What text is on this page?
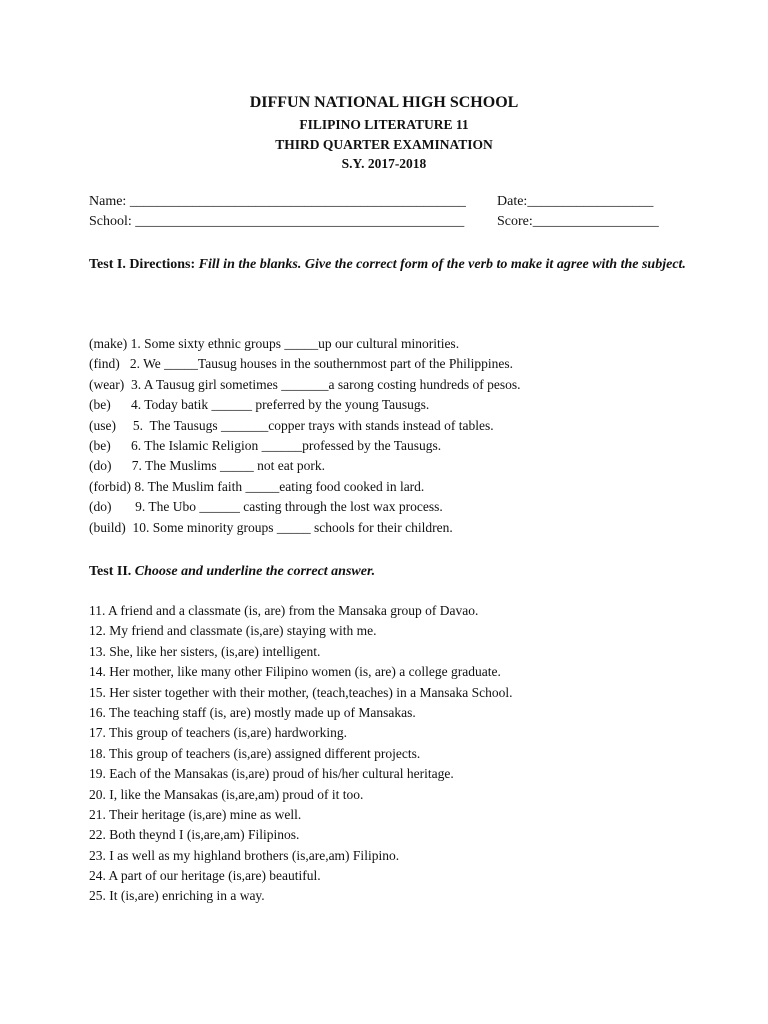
DIFFUN NATIONAL HIGH SCHOOL
FILIPINO LITERATURE 11
THIRD QUARTER EXAMINATION
S.Y. 2017-2018
Name: ________________________________________________ Date:__________________
School: _______________________________________________ Score:__________________
Test I. Directions: Fill in the blanks. Give the correct form of the verb to make it agree with the subject.
(make) 1. Some sixty ethnic groups _____up our cultural minorities.
(find)   2. We _____Tausug houses in the southernmost part of the Philippines.
(wear)  3. A Tausug girl sometimes _______a sarong costing hundreds of pesos.
(be)      4. Today batik ______ preferred by the young Tausugs.
(use)     5.  The Tausugs _______copper trays with stands instead of tables.
(be)      6. The Islamic Religion ______professed by the Tausugs.
(do)      7. The Muslims _____ not eat pork.
(forbid) 8. The Muslim faith _____eating food cooked in lard.
(do)       9. The Ubo ______ casting through the lost wax process.
(build)  10. Some minority groups _____ schools for their children.
Test II. Choose and underline the correct answer.
11. A friend and a classmate (is, are) from the Mansaka group of Davao.
12. My friend and classmate (is,are) staying with me.
13. She, like her sisters, (is,are) intelligent.
14. Her mother, like many other Filipino women (is, are) a college graduate.
15. Her sister together with their mother, (teach,teaches) in a Mansaka School.
16. The teaching staff (is, are) mostly made up of Mansakas.
17. This group of teachers (is,are) hardworking.
18. This group of teachers (is,are) assigned different projects.
19. Each of the Mansakas (is,are) proud of his/her cultural heritage.
20. I, like the Mansakas (is,are,am) proud of it too.
21. Their heritage (is,are) mine as well.
22. Both theynd I (is,are,am) Filipinos.
23. I as well as my highland brothers (is,are,am) Filipino.
24. A part of our heritage (is,are) beautiful.
25. It (is,are) enriching in a way.
